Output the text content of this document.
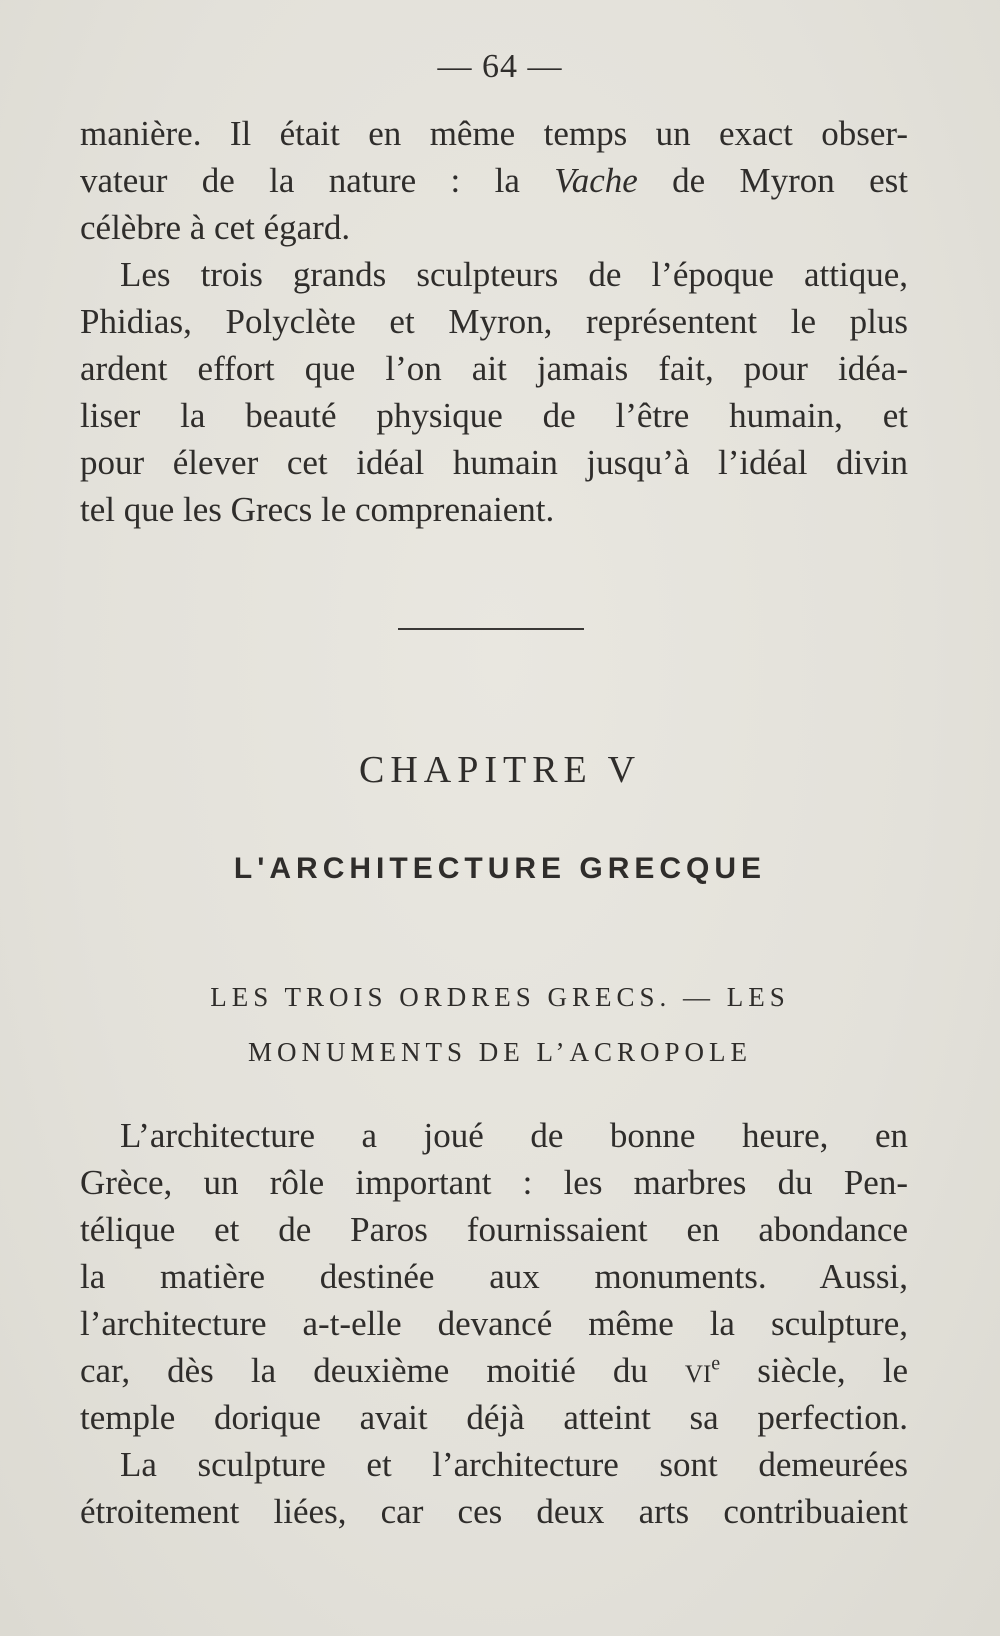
— 64 —
manière. Il était en même temps un exact obser-
vateur de la nature : la Vache de Myron est
célèbre à cet égard.
Les trois grands sculpteurs de l’époque attique,
Phidias, Polyclète et Myron, représentent le plus
ardent effort que l’on ait jamais fait, pour idéa-
liser la beauté physique de l’être humain, et
pour élever cet idéal humain jusqu’à l’idéal divin
tel que les Grecs le comprenaient.
CHAPITRE V
L'ARCHITECTURE GRECQUE
LES TROIS ORDRES GRECS. — LES
MONUMENTS DE L’ACROPOLE
L’architecture a joué de bonne heure, en
Grèce, un rôle important : les marbres du Pen-
télique et de Paros fournissaient en abondance
la matière destinée aux monuments. Aussi,
l’architecture a-t-elle devancé même la sculpture,
car, dès la deuxième moitié du $vi^e$ siècle, le
temple dorique avait déjà atteint sa perfection.
La sculpture et l’architecture sont demeurées
étroitement liées, car ces deux arts contribuaient
